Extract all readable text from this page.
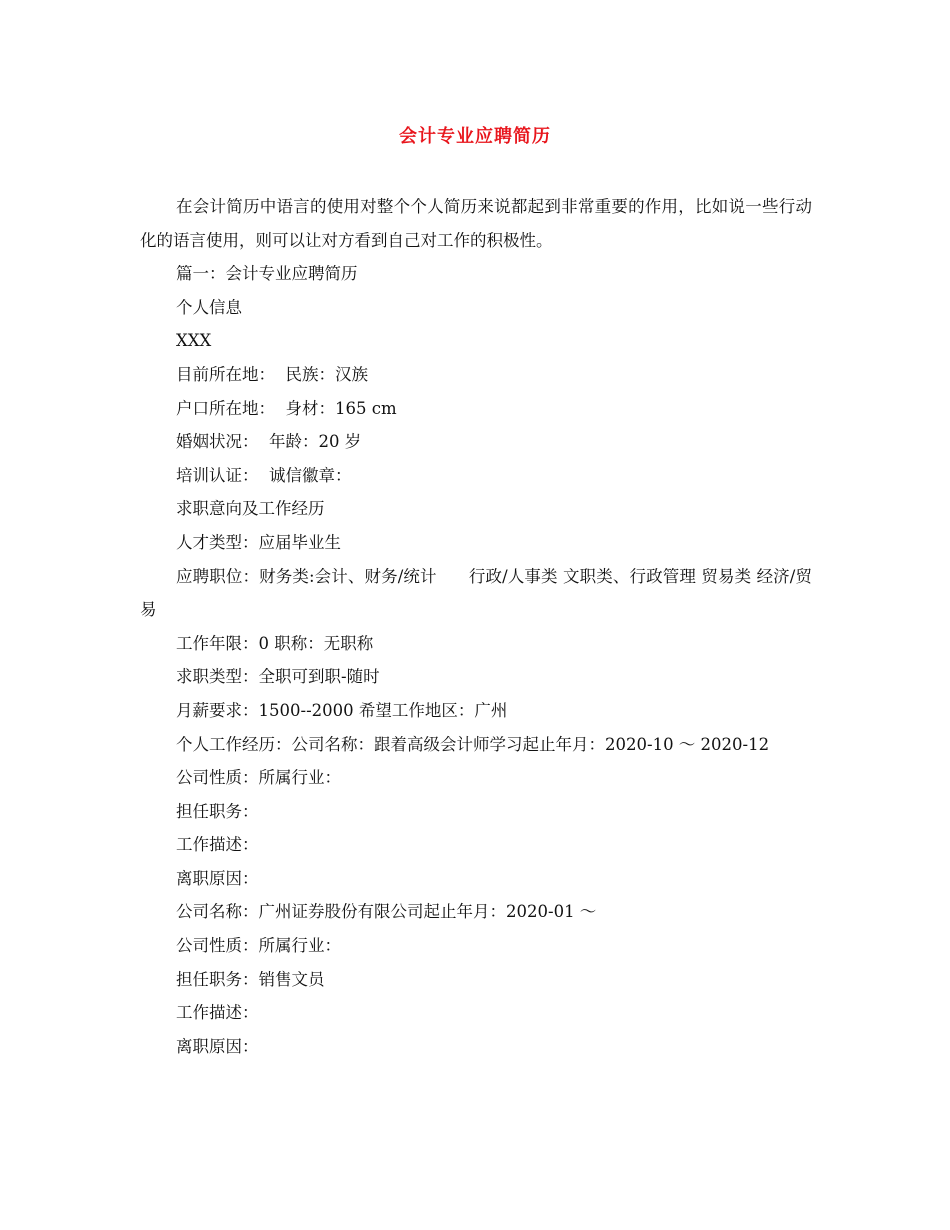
会计专业应聘简历

在会计简历中语言的使用对整个个人简历来说都起到非常重要的作用，比如说一些行动化的语言使用，则可以让对方看到自己对工作的积极性。

篇一：会计专业应聘简历

个人信息

XXX

目前所在地：  民族：汉族

户口所在地：  身材：165 cm

婚姻状况：  年龄：20 岁

培训认证：  诚信徽章：

求职意向及工作经历

人才类型：应届毕业生

应聘职位：财务类:会计、财务/统计      行政/人事类 文职类、行政管理 贸易类 经济/贸易

工作年限：0 职称：无职称

求职类型：全职可到职-随时

月薪要求：1500--2000 希望工作地区：广州

个人工作经历：公司名称：跟着高级会计师学习起止年月：2020-10 ～ 2020-12

公司性质：所属行业：

担任职务：

工作描述：

离职原因：

公司名称：广州证券股份有限公司起止年月：2020-01 ～

公司性质：所属行业：

担任职务：销售文员

工作描述：

离职原因：
